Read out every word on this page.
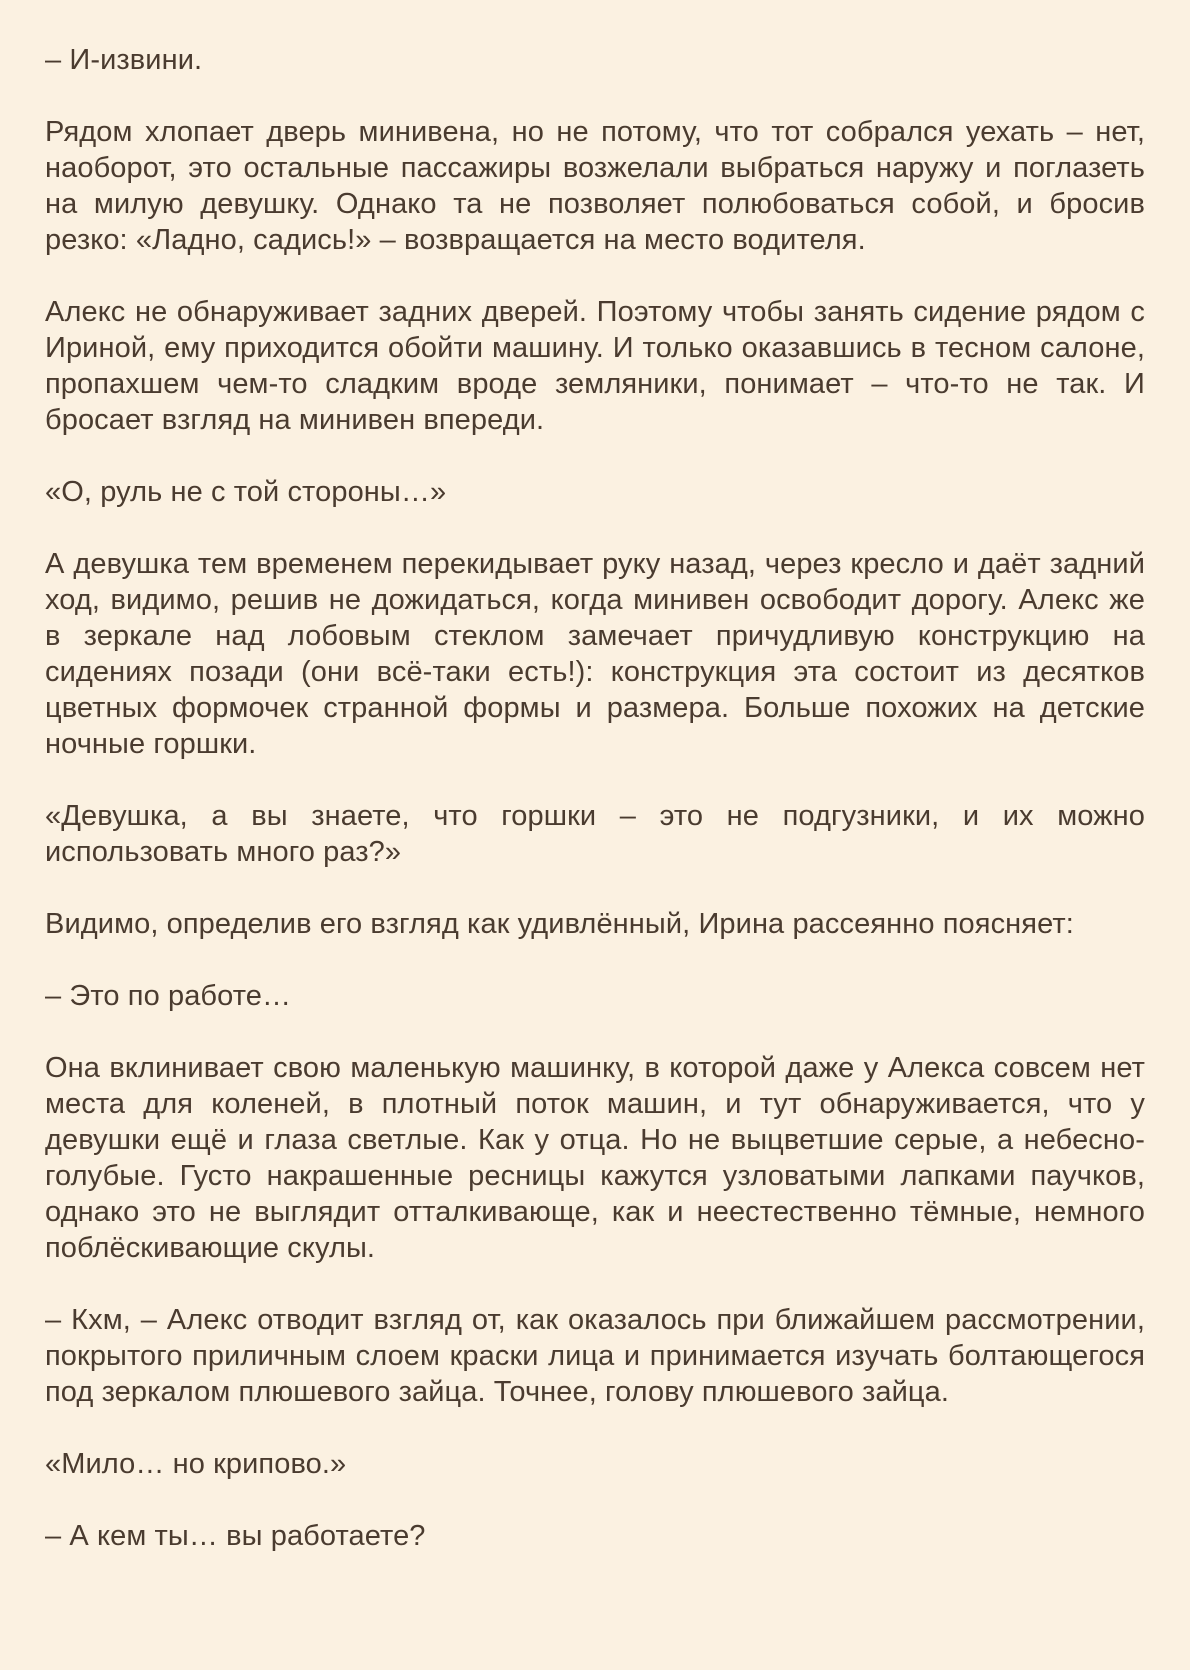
– И-извини.

Рядом хлопает дверь минивена, но не потому, что тот собрался уехать – нет, наоборот, это остальные пассажиры возжелали выбраться наружу и поглазеть на милую девушку. Однако та не позволяет полюбоваться собой, и бросив резко: «Ладно, садись!» – возвращается на место водителя.

Алекс не обнаруживает задних дверей. Поэтому чтобы занять сидение рядом с Ириной, ему приходится обойти машину. И только оказавшись в тесном салоне, пропахшем чем-то сладким вроде земляники, понимает – что-то не так. И бросает взгляд на минивен впереди.

«О, руль не с той стороны…»

А девушка тем временем перекидывает руку назад, через кресло и даёт задний ход, видимо, решив не дожидаться, когда минивен освободит дорогу. Алекс же в зеркале над лобовым стеклом замечает причудливую конструкцию на сидениях позади (они всё-таки есть!): конструкция эта состоит из десятков цветных формочек странной формы и размера. Больше похожих на детские ночные горшки.

«Девушка, а вы знаете, что горшки – это не подгузники, и их можно использовать много раз?»

Видимо, определив его взгляд как удивлённый, Ирина рассеянно поясняет:

– Это по работе…

Она вклинивает свою маленькую машинку, в которой даже у Алекса совсем нет места для коленей, в плотный поток машин, и тут обнаруживается, что у девушки ещё и глаза светлые. Как у отца. Но не выцветшие серые, а небесно-голубые. Густо накрашенные ресницы кажутся узловатыми лапками паучков, однако это не выглядит отталкивающе, как и неестественно тёмные, немного поблёскивающие скулы.

– Кхм, – Алекс отводит взгляд от, как оказалось при ближайшем рассмотрении, покрытого приличным слоем краски лица и принимается изучать болтающегося под зеркалом плюшевого зайца. Точнее, голову плюшевого зайца.

«Мило… но крипово.»

– А кем ты… вы работаете?
